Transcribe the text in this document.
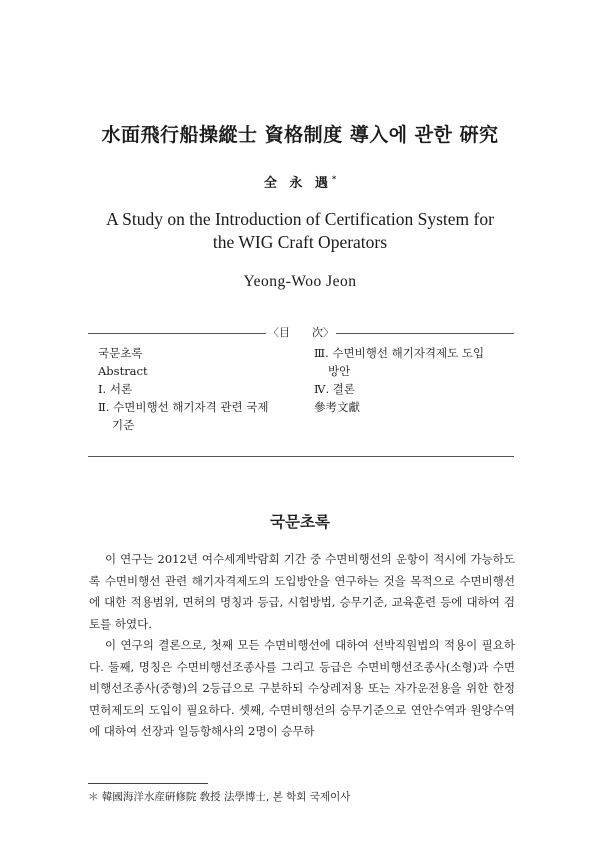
水面飛行船操縱士 資格制度 導入에 관한 硏究
全 永 遇*
A Study on the Introduction of Certification System for
the WIG Craft Operators
Yeong-Woo Jeon
〈目　　次〉

국문초록

Abstract

Ⅰ. 서론

Ⅱ. 수면비행선 해기자격 관련 국제

기준

Ⅲ. 수면비행선 해기자격제도 도입

방안

Ⅳ. 결론

參考文獻

국문초록

이 연구는 2012년 여수세계박람회 기간 중 수면비행선의 운항이 적시에 가능하도록 수면비행선 관련 해기자격제도의 도입방안을 연구하는 것을 목적으로 수면비행선에 대한 적용범위, 면허의 명칭과 등급, 시험방법, 승무기준, 교육훈련 등에 대하여 검토를 하였다.

이 연구의 결론으로, 첫째 모든 수면비행선에 대하여 선박직원법의 적용이 필요하다. 둘째, 명칭은 수면비행선조종사를 그리고 등급은 수면비행선조종사(소형)과 수면비행선조종사(중형)의 2등급으로 구분하되 수상레저용 또는 자가운전용을 위한 한정면허제도의 도입이 필요하다. 셋째, 수면비행선의 승무기준으로 연안수역과 원양수역에 대하여 선장과 일등항해사의 2명이 승무하

＊ 韓國海洋水産硏修院 敎授 法學博士, 본 학회 국제이사
